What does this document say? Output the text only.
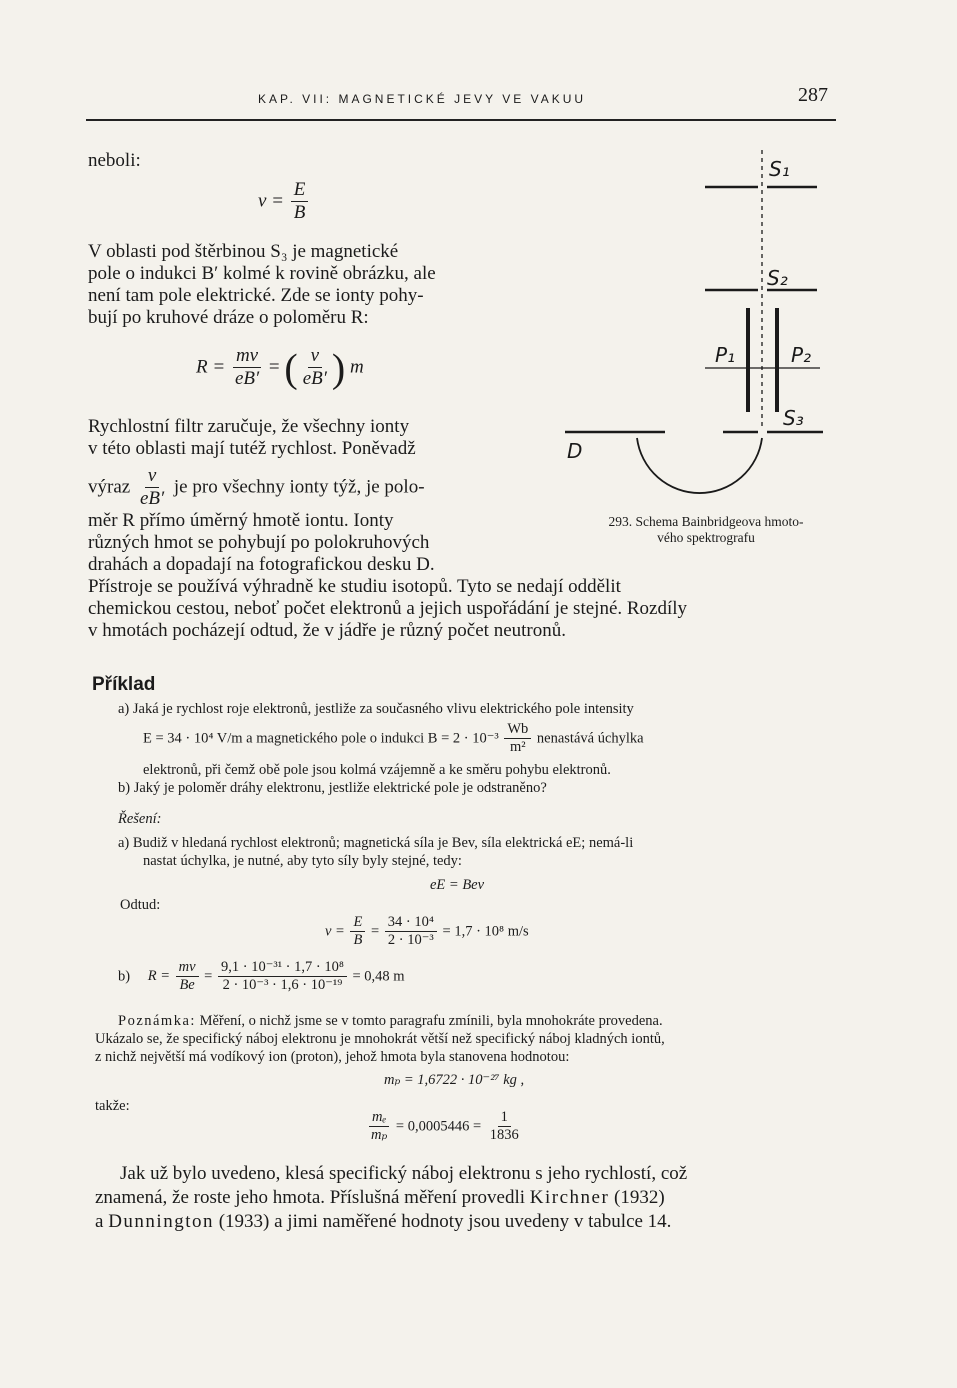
KAP. VII: MAGNETICKÉ JEVY VE VAKUU	287
neboli:
$v = \frac{E}{B}$
V oblasti pod štěrbinou S₃ je magnetické
pole o indukci B′ kolmé k rovině obrázku, ale
není tam pole elektrické. Zde se ionty pohy-
bují po kruhové dráze o poloměru R:
$R = \frac{mv}{eB'}$ = ( $\frac{v}{eB'}$ ) m
Rychlostní filtr zaručuje, že všechny ionty
v této oblasti mají tutéž rychlost. Poněvadž
výraz $\frac{v}{eB'}$ je pro všechny ionty týž, je polo-
měr R přímo úměrný hmotě iontu. Ionty
různých hmot se pohybují po polokruhových
drahách a dopadají na fotografickou desku D.
Přístroje se používá výhradně ke studiu isotopů. Tyto se nedají oddělit
chemickou cestou, neboť počet elektronů a jejich uspořádání je stejné. Rozdíly
v hmotách pocházejí odtud, že v jádře je různý počet neutronů.
S₁
S₂
P₁	P₂
S₃
D
293. Schema Bainbridgeova hmoto-
vého spektrografu
Příklad
a) Jaká je rychlost roje elektronů, jestliže za současného vlivu elektrického pole intensity
E = 34 · 10⁴ V/m a magnetického pole o indukci $B = 2 \cdot 10^{-3} \frac{Wb}{\text{m²}}$ nenastává úchylka
elektronů, při čemž obě pole jsou kolmá vzájemně a ke směru pohybu elektronů.
b) Jaký je poloměr dráhy elektronu, jestliže elektrické pole je odstraněno?
Řešení:
a) Budiž v hledaná rychlost elektronů; magnetická síla je Bev, síla elektrická eE; nemá-li
nastat úchylka, je nutné, aby tyto síly byly stejné, tedy:
eE = Bev
Odtud:
$v = \frac{E}{B} = \frac{\text{34 · 10⁴}}{\text{2 · 10⁻³}} = 1,7 \cdot 10^8$ m/s
b) $R = \frac{mv}{Be} = \frac{\text{9,1 · 10⁻³¹ · 1,7 · 10⁸}}{\text{2 · 10⁻³ · 1,6 · 10⁻¹⁹}} = 0,48$ m
Poznámka: Měření, o nichž jsme se v tomto paragrafu zmínili, byla mnohokráte provedena.
Ukázalo se, že specifický náboj elektronu je mnohokrát větší než specifický náboj kladných iontů,
z nichž největší má vodíkový ion (proton), jehož hmota byla stanovena hodnotou:
mₚ = 1,6722 · 10⁻²⁷ kg ,
takže:
$\frac{\text{mₑ}}{\text{mₚ}} = 0,0005446 = \frac{1}{1836}$
Jak už bylo uvedeno, klesá specifický náboj elektronu s jeho rychlostí, což
znamená, že roste jeho hmota. Příslušná měření provedli Kirchner (1932)
a Dunnington (1933) a jimi naměřené hodnoty jsou uvedeny v tabulce 14.
